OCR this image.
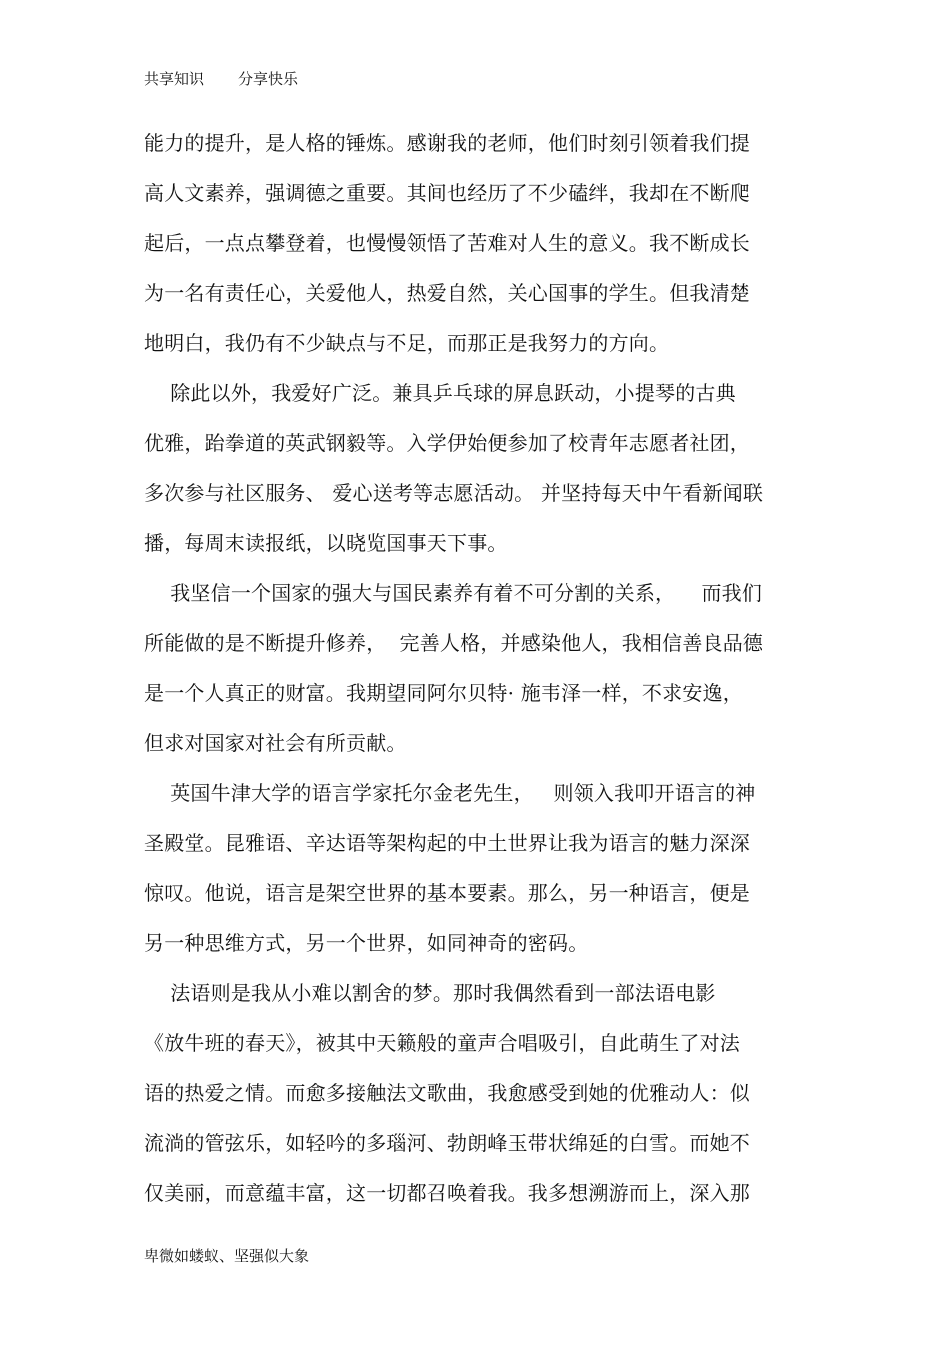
共享知识 分享快乐
能力的提升，是人格的锤炼。感谢我的老师，他们时刻引领着我们提
高人文素养，强调德之重要。其间也经历了不少磕绊，我却在不断爬
起后，一点点攀登着，也慢慢领悟了苦难对人生的意义。我不断成长
为一名有责任心，关爱他人，热爱自然，关心国事的学生。但我清楚
地明白，我仍有不少缺点与不足，而那正是我努力的方向。
除此以外，我爱好广泛。兼具乒乓球的屏息跃动，小提琴的古典
优雅，跆拳道的英武钢毅等。入学伊始便参加了校青年志愿者社团，
多次参与社区服务、 爱心送考等志愿活动。 并坚持每天中午看新闻联
播，每周末读报纸，以晓览国事天下事。
我坚信一个国家的强大与国民素养有着不可分割的关系，    而我们
所能做的是不断提升修养，  完善人格，并感染他人，我相信善良品德
是一个人真正的财富。我期望同阿尔贝特· 施韦泽一样，不求安逸，
但求对国家对社会有所贡献。
英国牛津大学的语言学家托尔金老先生，   则领入我叩开语言的神
圣殿堂。昆雅语、辛达语等架构起的中土世界让我为语言的魅力深深
惊叹。他说，语言是架空世界的基本要素。那么，另一种语言，便是
另一种思维方式，另一个世界，如同神奇的密码。
法语则是我从小难以割舍的梦。那时我偶然看到一部法语电影
《放牛班的春天》，被其中天籁般的童声合唱吸引，自此萌生了对法
语的热爱之情。而愈多接触法文歌曲，我愈感受到她的优雅动人：似
流淌的管弦乐，如轻吟的多瑙河、勃朗峰玉带状绵延的白雪。而她不
仅美丽，而意蕴丰富，这一切都召唤着我。我多想溯游而上，深入那
卑微如蝼蚁、坚强似大象
